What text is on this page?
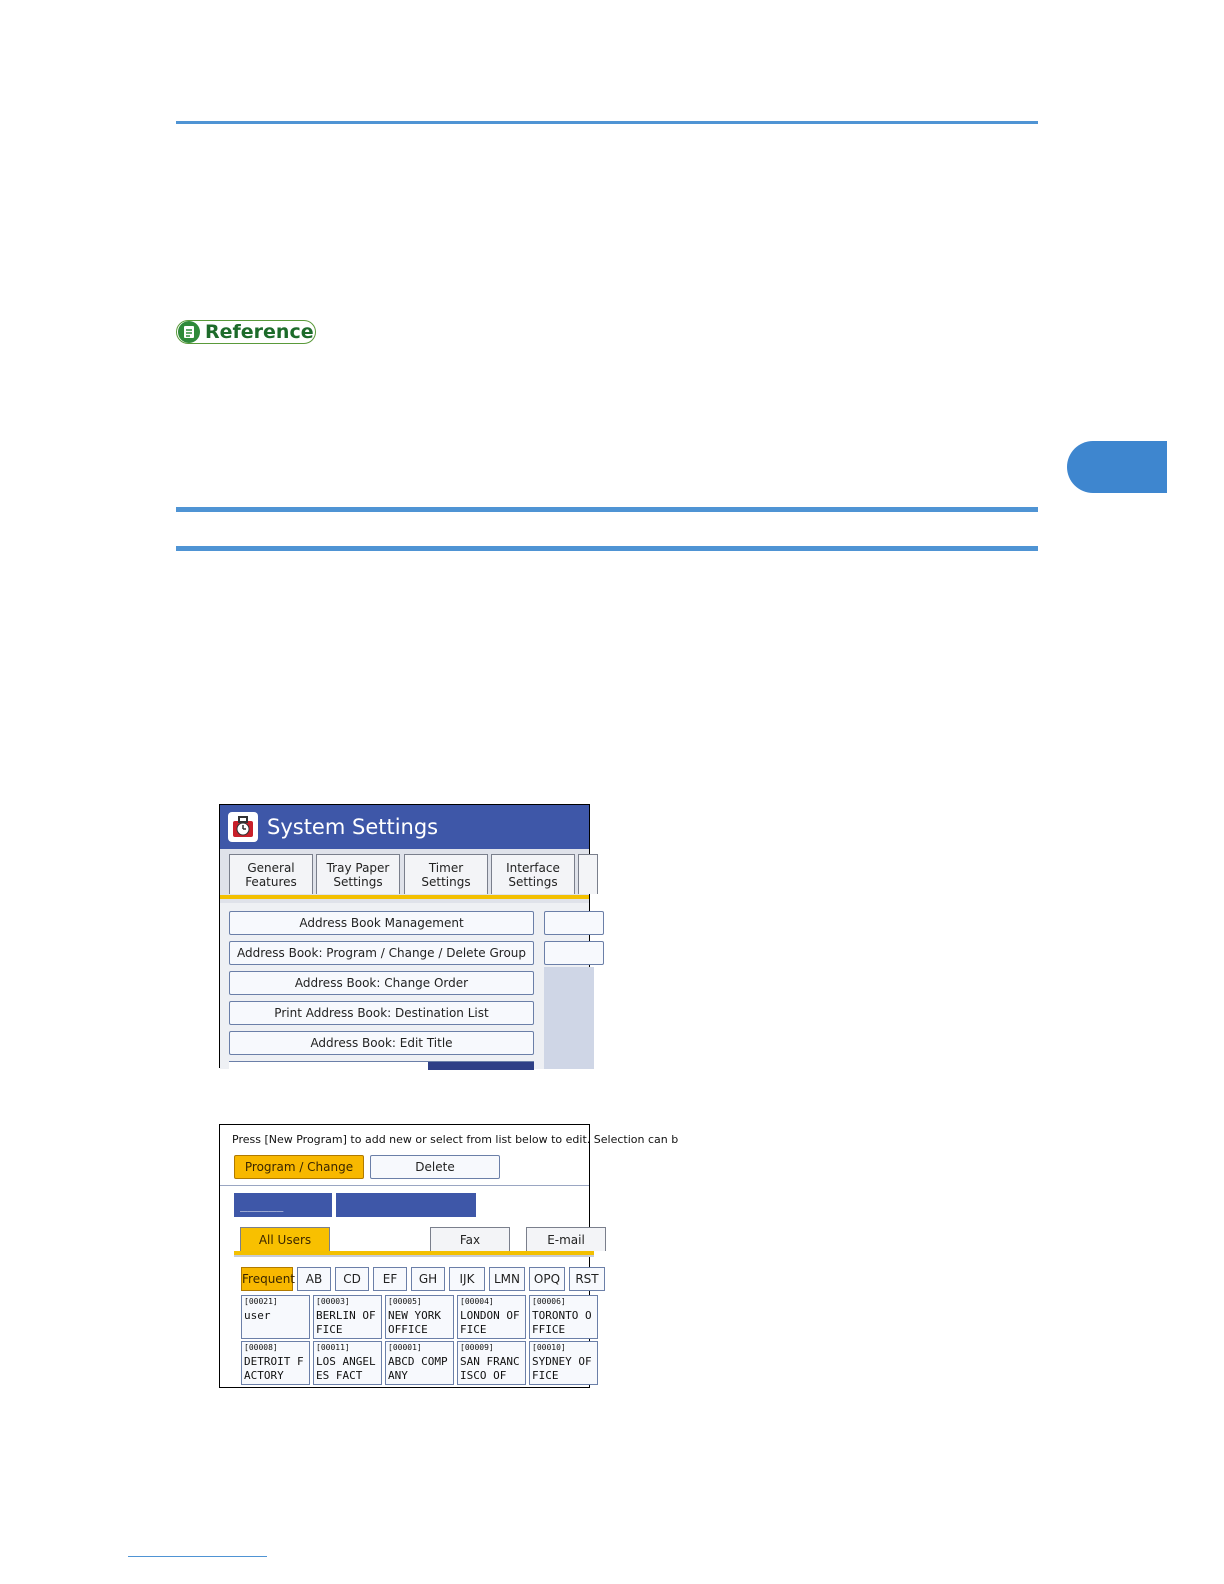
Reference
System Settings
General
Features
Tray Paper
Settings
Timer
Settings
Interface
Settings
Address Book Management
Address Book: Program / Change / Delete Group
Address Book: Change Order
Print Address Book: Destination List
Address Book: Edit Title
Press [New Program] to add new or select from list below to edit. Selection can b
Program / Change	Delete
______
All Users	Fax	E-mail
Frequent AB	CD	EF	GH	IJK	LMN	OPQ	RST
[00021]
user
[00003]
BERLIN OFFICE
[00005]
NEW YORK OFFICE
[00004]
LONDON OFFICE
[00006]
TORONTO OFFICE
[00008]
DETROIT FACTORY
[00011]
LOS ANGELES FACT
[00001]
ABCD COMPANY
[00009]
SAN FRANCISCO OF
[00010]
SYDNEY OFFICE
